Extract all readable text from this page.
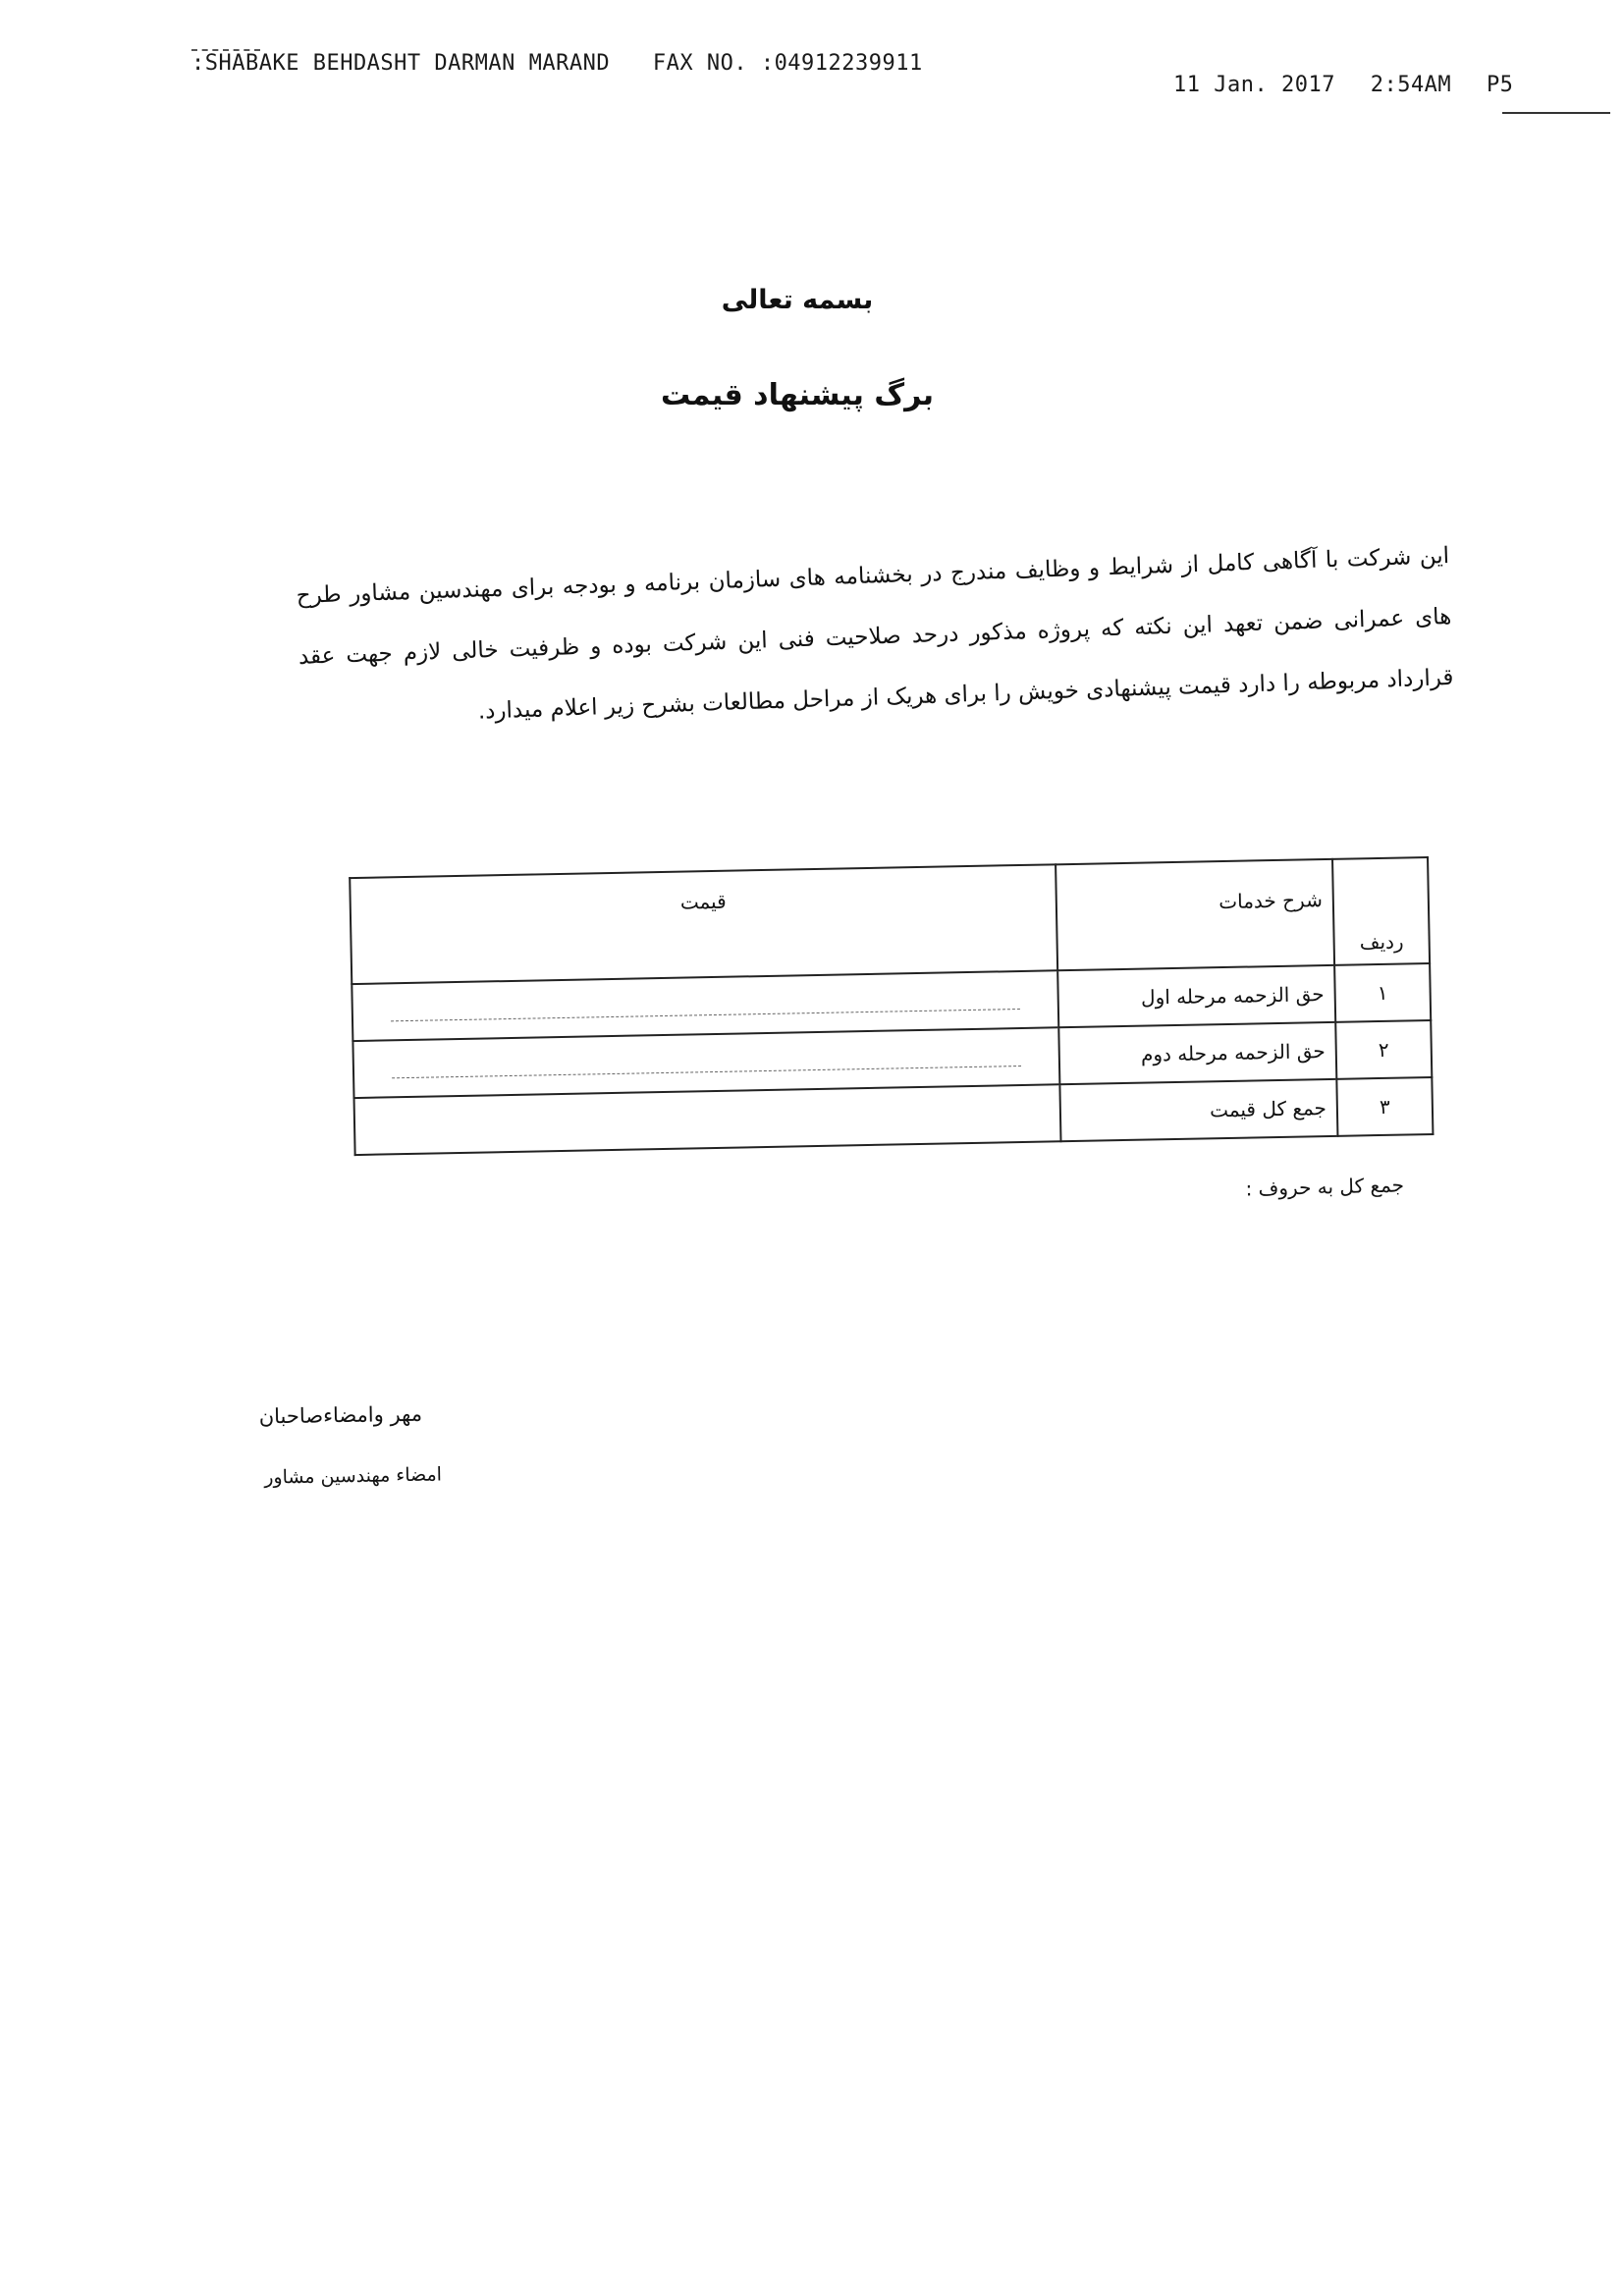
:SHABAKE BEHDASHT DARMAN MARAND FAX NO. :04912239911
11 Jan. 2017 2:54AM P5
بسمه تعالی
برگ پیشنهاد قیمت
این شرکت با آگاهی کامل از شرایط و وظایف مندرج در بخشنامه های سازمان برنامه و بودجه برای مهندسین مشاور طرح های عمرانی ضمن تعهد این نکته که پروژه مذکور درحد صلاحیت فنی این شرکت بوده و ظرفیت خالی لازم جهت عقد قرارداد مربوطه را دارد قیمت پیشنهادی خویش را برای هریک از مراحل مطالعات بشرح زیر اعلام میدارد.
ردیف	شرح خدمات	قیمت
۱	حق الزحمه مرحله اول	

۲	حق الزحمه مرحله دوم	

۳	جمع کل قیمت	
جمع کل به حروف :
مهر وامضاءصاحبان
امضاء مهندسین مشاور
